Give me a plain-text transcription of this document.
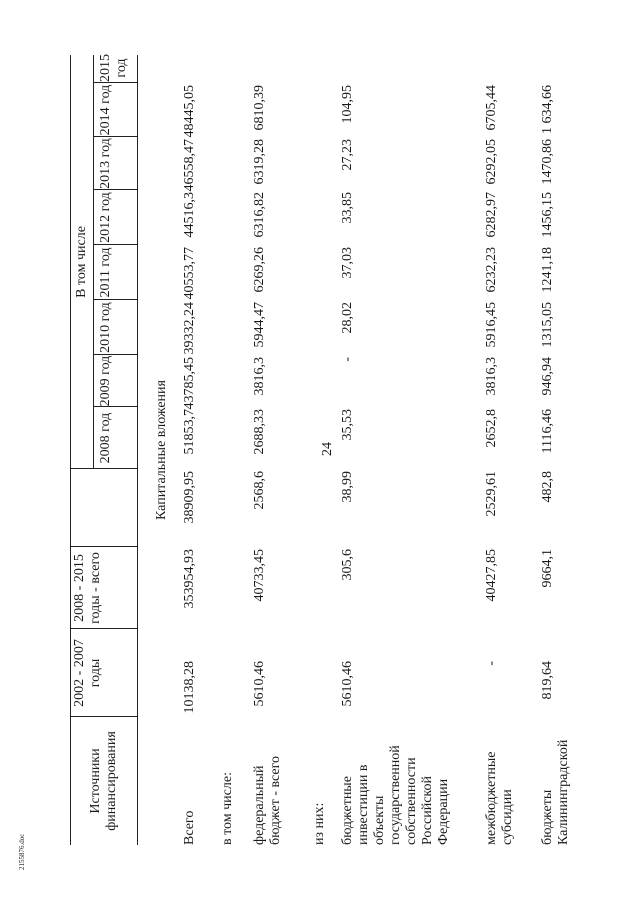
24
2155876.doc
Источники финансирования
2002 - 2007 годы
2008 - 2015 годы - всего
В том числе
2008 год
2009 год
2010 год
2011 год
2012 год
2013 год
2014 год
2015 год
Капитальные вложения
Всего в том числе: федеральный бюджет - всего из них: бюджетные инвестиции в объекты государственной собственности Российской Федерации межбюджетные субсидии бюджеты Калининградской
10138,28
353954,93
38909,95
51853,7
43785,45
39332,24
40553,77
44516,3
46558,47
48445,05
5610,46
40733,45
2568,6
2688,33
3816,3
5944,47
6269,26
6316,82
6319,28
6810,39
5610,46
305,6
38,99
35,53
-
28,02
37,03
33,85
27,23
104,95
-
40427,85
2529,61
2652,8
3816,3
5916,45
6232,23
6282,97
6292,05
6705,44
819,64
9664,1
482,8
1116,46
946,94
1315,05
1241,18
1456,15
1470,86
1 634,66
